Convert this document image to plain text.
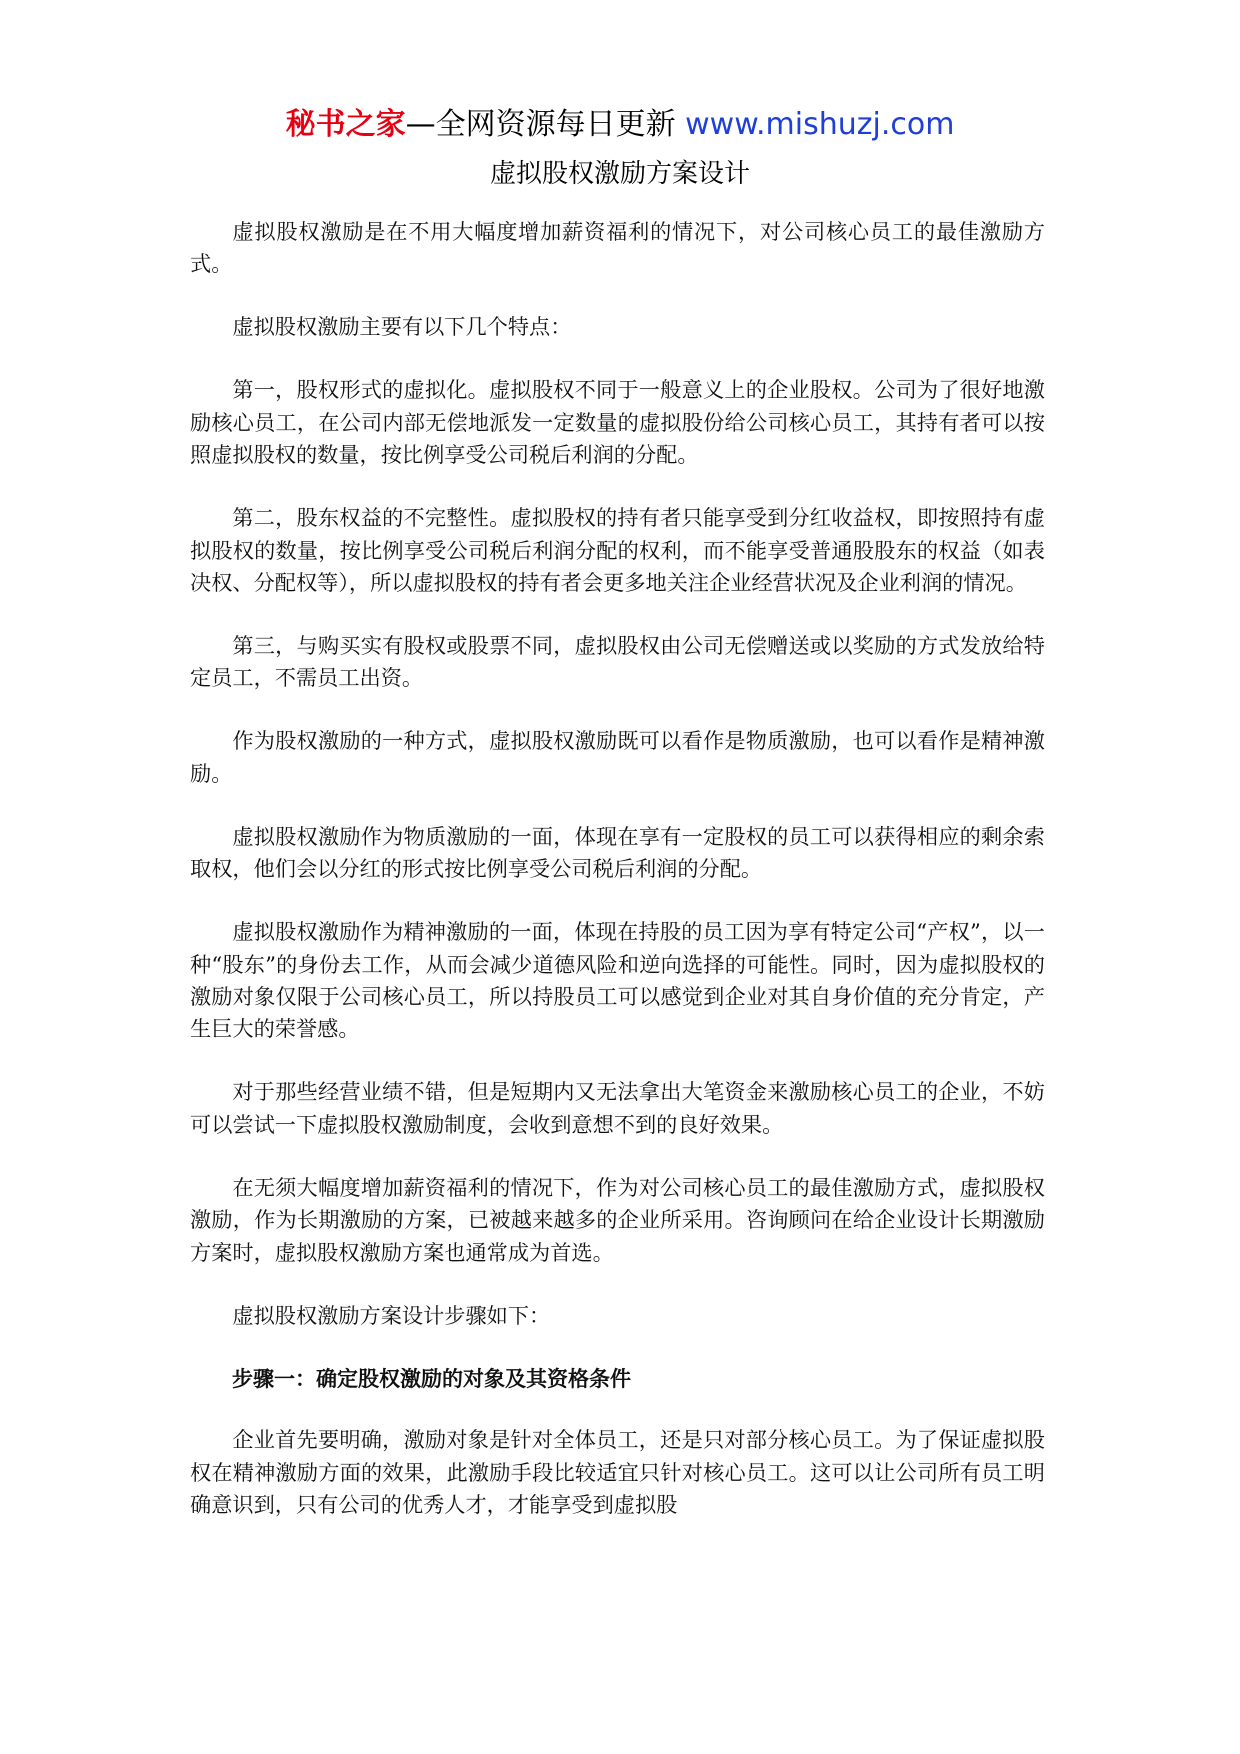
秘书之家—全网资源每日更新 www.mishuzj.com
虚拟股权激励方案设计

虚拟股权激励是在不用大幅度增加薪资福利的情况下，对公司核心员工的最佳激励方式。

虚拟股权激励主要有以下几个特点：

第一，股权形式的虚拟化。虚拟股权不同于一般意义上的企业股权。公司为了很好地激励核心员工，在公司内部无偿地派发一定数量的虚拟股份给公司核心员工，其持有者可以按照虚拟股权的数量，按比例享受公司税后利润的分配。

第二，股东权益的不完整性。虚拟股权的持有者只能享受到分红收益权，即按照持有虚拟股权的数量，按比例享受公司税后利润分配的权利，而不能享受普通股股东的权益（如表决权、分配权等），所以虚拟股权的持有者会更多地关注企业经营状况及企业利润的情况。

第三，与购买实有股权或股票不同，虚拟股权由公司无偿赠送或以奖励的方式发放给特定员工，不需员工出资。

作为股权激励的一种方式，虚拟股权激励既可以看作是物质激励，也可以看作是精神激励。

虚拟股权激励作为物质激励的一面，体现在享有一定股权的员工可以获得相应的剩余索取权，他们会以分红的形式按比例享受公司税后利润的分配。

虚拟股权激励作为精神激励的一面，体现在持股的员工因为享有特定公司“产权”，以一种“股东”的身份去工作，从而会减少道德风险和逆向选择的可能性。同时，因为虚拟股权的激励对象仅限于公司核心员工，所以持股员工可以感觉到企业对其自身价值的充分肯定，产生巨大的荣誉感。

对于那些经营业绩不错，但是短期内又无法拿出大笔资金来激励核心员工的企业，不妨可以尝试一下虚拟股权激励制度，会收到意想不到的良好效果。

在无须大幅度增加薪资福利的情况下，作为对公司核心员工的最佳激励方式，虚拟股权激励，作为长期激励的方案，已被越来越多的企业所采用。咨询顾问在给企业设计长期激励方案时，虚拟股权激励方案也通常成为首选。

虚拟股权激励方案设计步骤如下：

步骤一：确定股权激励的对象及其资格条件

企业首先要明确，激励对象是针对全体员工，还是只对部分核心员工。为了保证虚拟股权在精神激励方面的效果，此激励手段比较适宜只针对核心员工。这可以让公司所有员工明确意识到，只有公司的优秀人才，才能享受到虚拟股
